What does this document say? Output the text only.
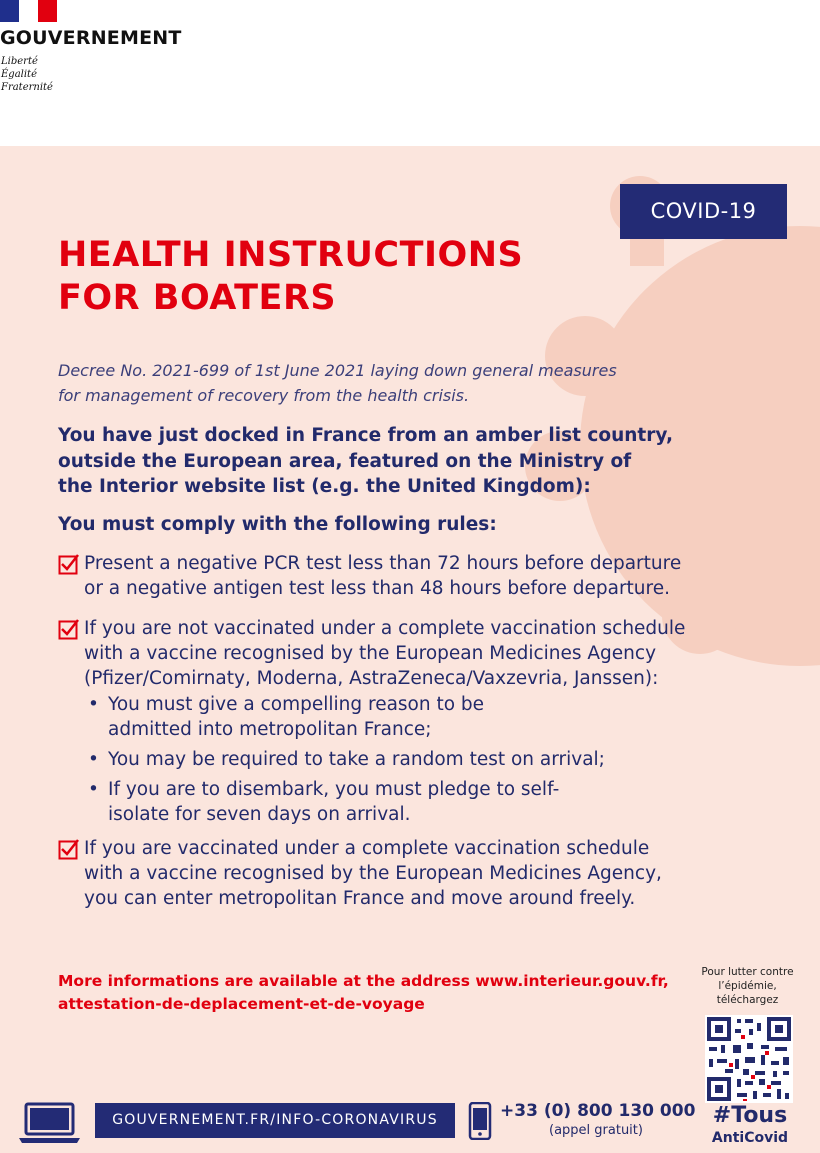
GOUVERNEMENT
Liberté
Égalité
Fraternité
COVID-19
HEALTH INSTRUCTIONS
FOR BOATERS
Decree No. 2021-699 of 1st June 2021 laying down general measures
for management of recovery from the health crisis.
You have just docked in France from an amber list country,
outside the European area, featured on the Ministry of
the Interior website list (e.g. the United Kingdom):
You must comply with the following rules:
Present a negative PCR test less than 72 hours before departure
or a negative antigen test less than 48 hours before departure.
If you are not vaccinated under a complete vaccination schedule
with a vaccine recognised by the European Medicines Agency
(Pfizer/Comirnaty, Moderna, AstraZeneca/Vaxzevria, Janssen):
• You must give a compelling reason to be
admitted into metropolitan France;
• You may be required to take a random test on arrival;
• If you are to disembark, you must pledge to self-
isolate for seven days on arrival.
If you are vaccinated under a complete vaccination schedule
with a vaccine recognised by the European Medicines Agency,
you can enter metropolitan France and move around freely.
More informations are available at the address www.interieur.gouv.fr,
attestation-de-deplacement-et-de-voyage
Pour lutter contre
l’épidémie,
téléchargez
#Tous
AntiCovid
GOUVERNEMENT.FR/INFO-CORONAVIRUS	+33 (0) 800 130 000
(appel gratuit)
